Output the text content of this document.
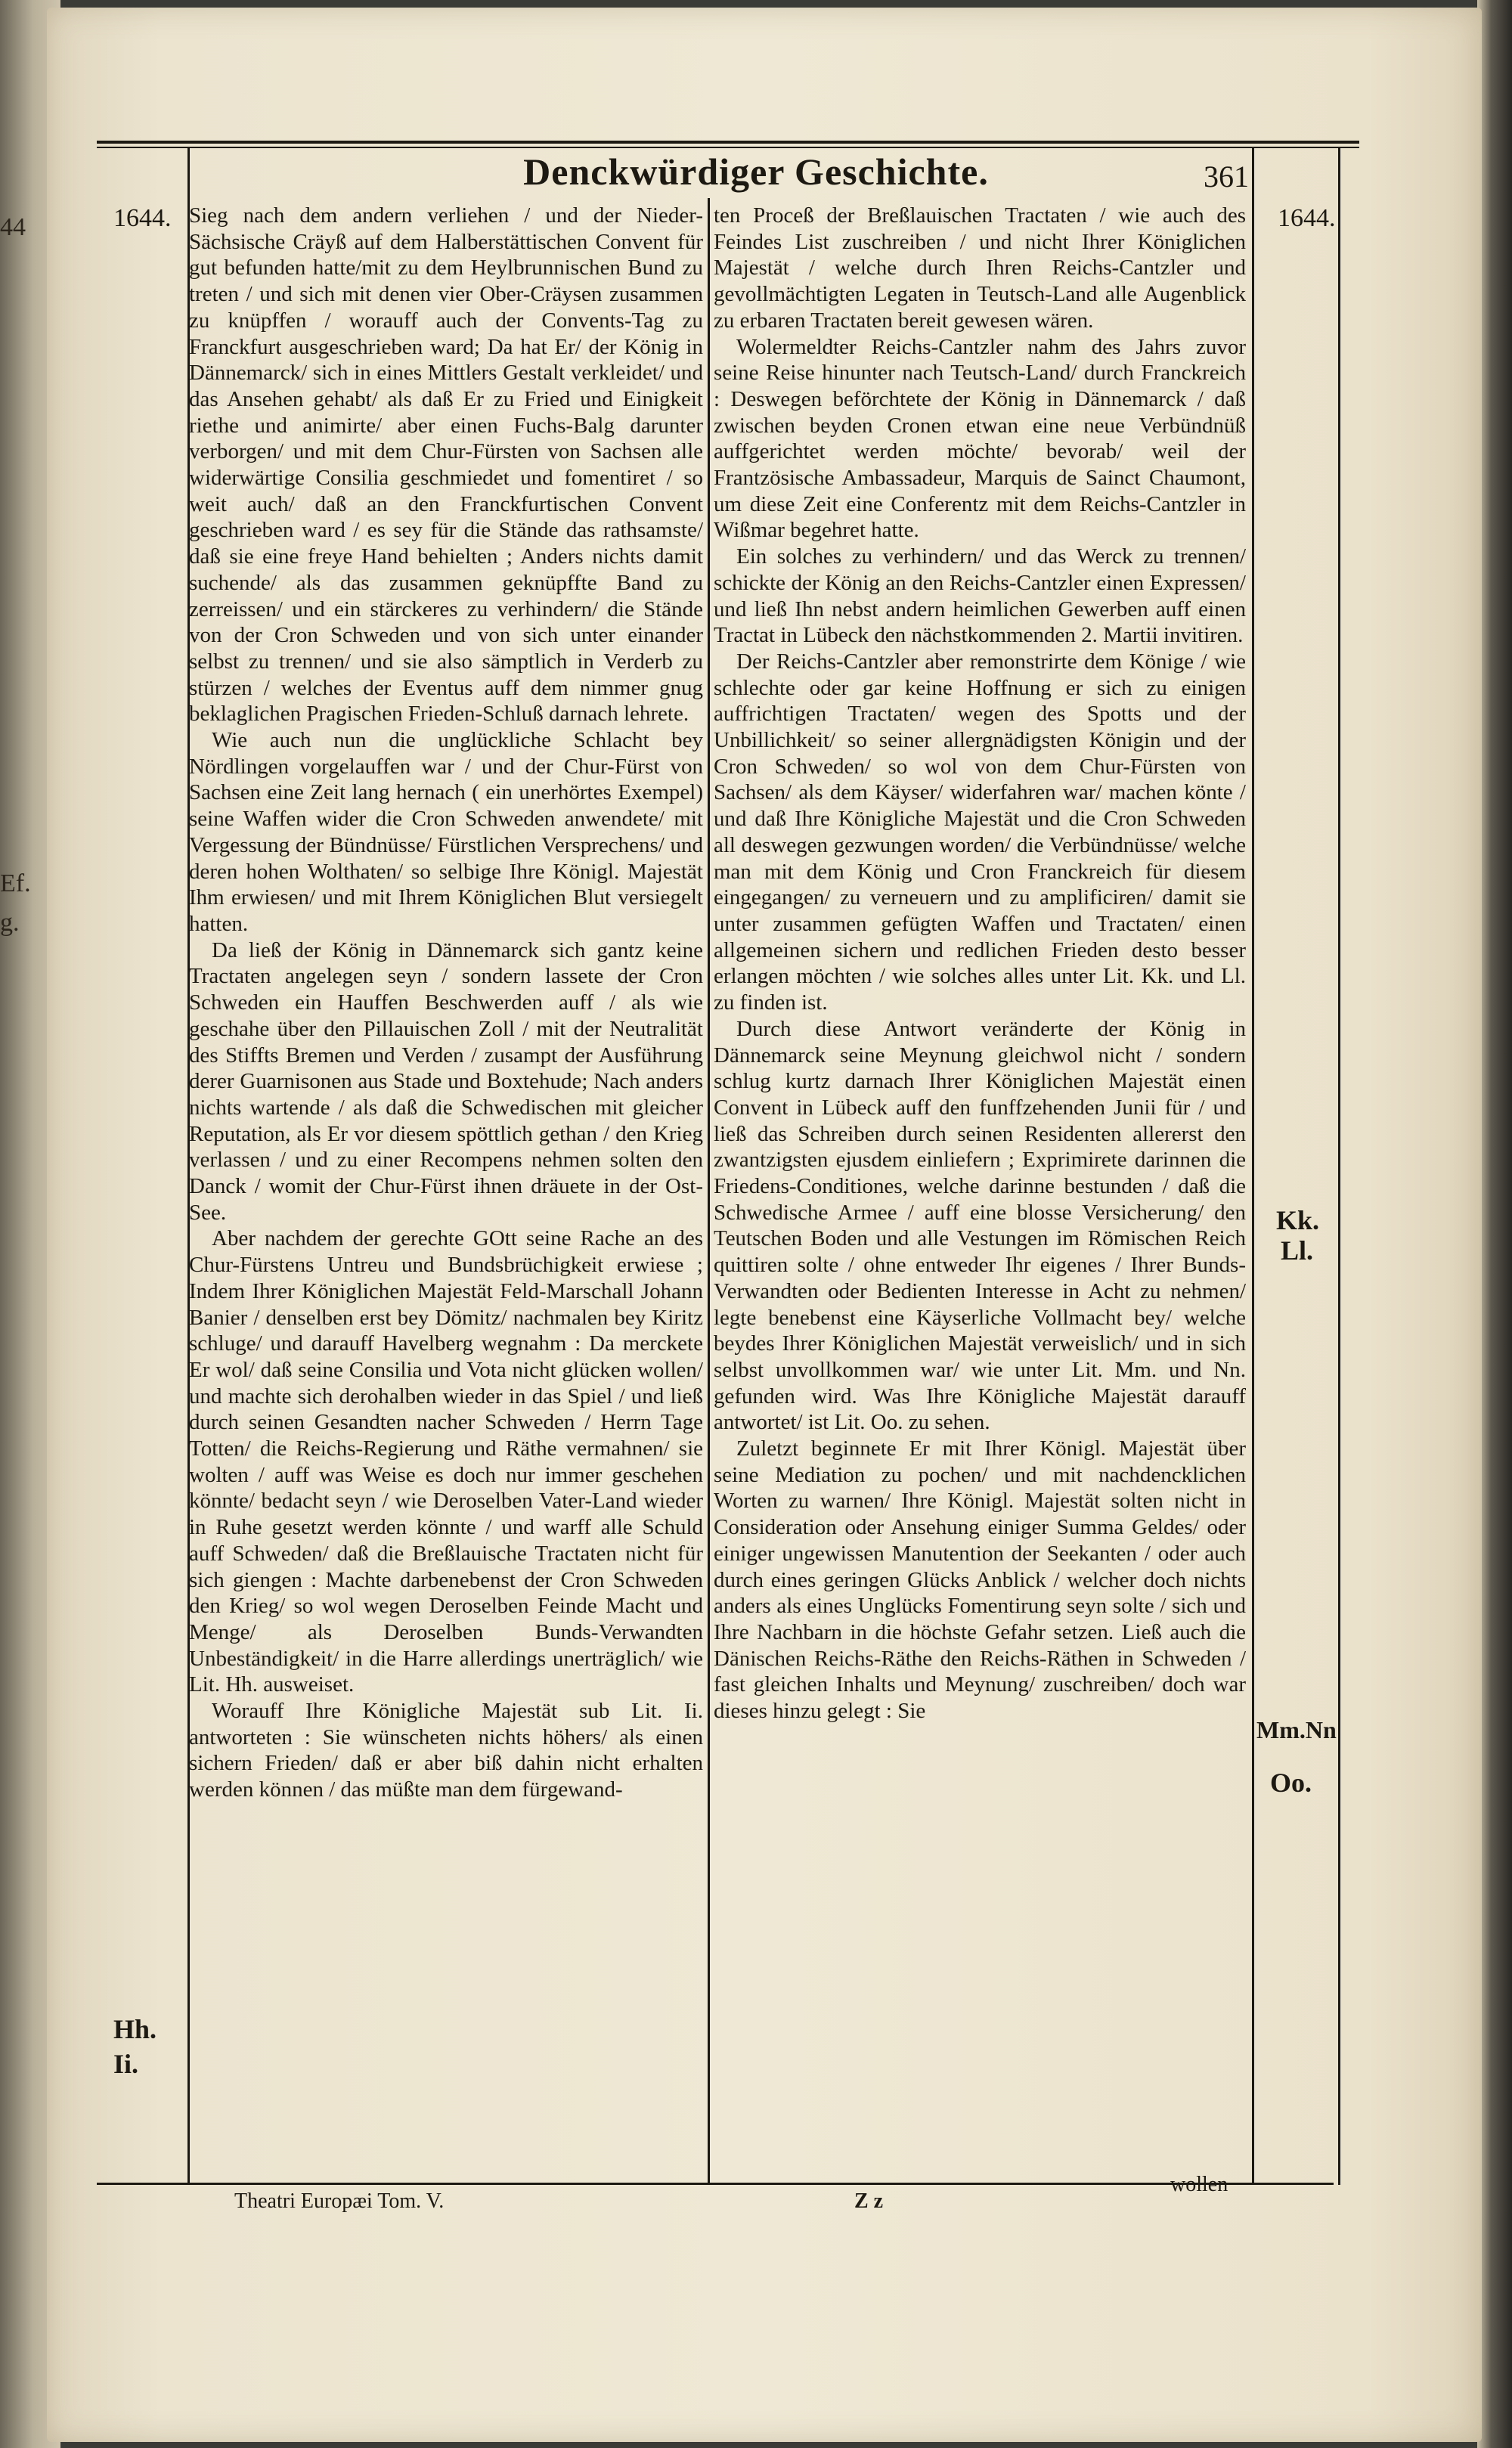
44
Ef.
g.
Denckwürdiger Geschichte.	361
1644.	1644.

Sieg nach dem andern verliehen / und der Nieder-Sächsische Cräyß auf dem Halberstättischen Convent für gut befunden hatte/mit zu dem Heylbrunnischen Bund zu treten / und sich mit denen vier Ober-Cräysen zusammen zu knüpffen / worauff auch der Convents-Tag zu Franckfurt ausgeschrieben ward; Da hat Er/ der König in Dännemarck/ sich in eines Mittlers Gestalt verkleidet/ und das Ansehen gehabt/ als daß Er zu Fried und Einigkeit riethe und animirte/ aber einen Fuchs-Balg darunter verborgen/ und mit dem Chur-Fürsten von Sachsen alle widerwärtige Consilia geschmiedet und fomentiret / so weit auch/ daß an den Franckfurtischen Convent geschrieben ward / es sey für die Stände das rathsamste/ daß sie eine freye Hand behielten ; Anders nichts damit suchende/ als das zusammen geknüpffte Band zu zerreissen/ und ein stärckeres zu verhindern/ die Stände von der Cron Schweden und von sich unter einander selbst zu trennen/ und sie also sämptlich in Verderb zu stürzen / welches der Eventus auff dem nimmer gnug beklaglichen Pragischen Frieden-Schluß darnach lehrete.

Wie auch nun die unglückliche Schlacht bey Nördlingen vorgelauffen war / und der Chur-Fürst von Sachsen eine Zeit lang hernach ( ein unerhörtes Exempel) seine Waffen wider die Cron Schweden anwendete/ mit Vergessung der Bündnüsse/ Fürstlichen Versprechens/ und deren hohen Wolthaten/ so selbige Ihre Königl. Majestät Ihm erwiesen/ und mit Ihrem Königlichen Blut versiegelt hatten.

Da ließ der König in Dännemarck sich gantz keine Tractaten angelegen seyn / sondern lassete der Cron Schweden ein Hauffen Beschwerden auff / als wie geschahe über den Pillauischen Zoll / mit der Neutralität des Stiffts Bremen und Verden / zusampt der Ausführung derer Guarnisonen aus Stade und Boxtehude; Nach anders nichts wartende / als daß die Schwedischen mit gleicher Reputation, als Er vor diesem spöttlich gethan / den Krieg verlassen / und zu einer Recompens nehmen solten den Danck / womit der Chur-Fürst ihnen dräuete in der Ost-See.

Aber nachdem der gerechte GOtt seine Rache an des Chur-Fürstens Untreu und Bundsbrüchigkeit erwiese ; Indem Ihrer Königlichen Majestät Feld-Marschall Johann Banier / denselben erst bey Dömitz/ nachmalen bey Kiritz schluge/ und darauff Havelberg wegnahm : Da merckete Er wol/ daß seine Consilia und Vota nicht glücken wollen/ und machte sich derohalben wieder in das Spiel / und ließ durch seinen Gesandten nacher Schweden / Herrn Tage Totten/ die Reichs-Regierung und Räthe vermahnen/ sie wolten / auff was Weise es doch nur immer geschehen könnte/ bedacht seyn / wie Deroselben Vater-Land wieder in Ruhe gesetzt werden könnte / und warff alle Schuld auff Schweden/ daß die Breßlauische Tractaten nicht für sich giengen : Machte darbenebenst der Cron Schweden den Krieg/ so wol wegen Deroselben Feinde Macht und Menge/ als Deroselben Bunds-Verwandten Unbeständigkeit/ in die Harre allerdings unerträglich/ wie Lit. Hh. ausweiset.

Worauff Ihre Königliche Majestät sub Lit. Ii. antworteten : Sie wünscheten nichts höhers/ als einen sichern Frieden/ daß er aber biß dahin nicht erhalten werden können / das müßte man dem fürgewand-

ten Proceß der Breßlauischen Tractaten / wie auch des Feindes List zuschreiben / und nicht Ihrer Königlichen Majestät / welche durch Ihren Reichs-Cantzler und gevollmächtigten Legaten in Teutsch-Land alle Augenblick zu erbaren Tractaten bereit gewesen wären.

Wolermeldter Reichs-Cantzler nahm des Jahrs zuvor seine Reise hinunter nach Teutsch-Land/ durch Franckreich : Deswegen beförchtete der König in Dännemarck / daß zwischen beyden Cronen etwan eine neue Verbündnüß auffgerichtet werden möchte/ bevorab/ weil der Frantzösische Ambassadeur, Marquis de Sainct Chaumont, um diese Zeit eine Conferentz mit dem Reichs-Cantzler in Wißmar begehret hatte.

Ein solches zu verhindern/ und das Werck zu trennen/ schickte der König an den Reichs-Cantzler einen Expressen/ und ließ Ihn nebst andern heimlichen Gewerben auff einen Tractat in Lübeck den nächstkommenden 2. Martii invitiren.

Der Reichs-Cantzler aber remonstrirte dem Könige / wie schlechte oder gar keine Hoffnung er sich zu einigen auffrichtigen Tractaten/ wegen des Spotts und der Unbillichkeit/ so seiner allergnädigsten Königin und der Cron Schweden/ so wol von dem Chur-Fürsten von Sachsen/ als dem Käyser/ widerfahren war/ machen könte / und daß Ihre Königliche Majestät und die Cron Schweden all deswegen gezwungen worden/ die Verbündnüsse/ welche man mit dem König und Cron Franckreich für diesem eingegangen/ zu verneuern und zu amplificiren/ damit sie unter zusammen gefügten Waffen und Tractaten/ einen allgemeinen sichern und redlichen Frieden desto besser erlangen möchten / wie solches alles unter Lit. Kk. und Ll. zu finden ist.

Durch diese Antwort veränderte der König in Dännemarck seine Meynung gleichwol nicht / sondern schlug kurtz darnach Ihrer Königlichen Majestät einen Convent in Lübeck auff den funffzehenden Junii für / und ließ das Schreiben durch seinen Residenten allererst den zwantzigsten ejusdem einliefern ; Exprimirete darinnen die Friedens-Conditiones, welche darinne bestunden / daß die Schwedische Armee / auff eine blosse Versicherung/ den Teutschen Boden und alle Vestungen im Römischen Reich quittiren solte / ohne entweder Ihr eigenes / Ihrer Bunds-Verwandten oder Bedienten Interesse in Acht zu nehmen/ legte benebenst eine Käyserliche Vollmacht bey/ welche beydes Ihrer Königlichen Majestät verweislich/ und in sich selbst unvollkommen war/ wie unter Lit. Mm. und Nn. gefunden wird. Was Ihre Königliche Majestät darauff antwortet/ ist Lit. Oo. zu sehen.

Zuletzt beginnete Er mit Ihrer Königl. Majestät über seine Mediation zu pochen/ und mit nachdencklichen Worten zu warnen/ Ihre Königl. Majestät solten nicht in Consideration oder Ansehung einiger Summa Geldes/ oder einiger ungewissen Manutention der Seekanten / oder auch durch eines geringen Glücks Anblick / welcher doch nichts anders als eines Unglücks Fomentirung seyn solte / sich und Ihre Nachbarn in die höchste Gefahr setzen. Ließ auch die Dänischen Reichs-Räthe den Reichs-Räthen in Schweden / fast gleichen Inhalts und Meynung/ zuschreiben/ doch war dieses hinzu gelegt : Sie

Hh.
Ii.
Kk.
Ll.
Mm.Nn
Oo.
Theatri Europæi Tom. V.	Z z
wollen
